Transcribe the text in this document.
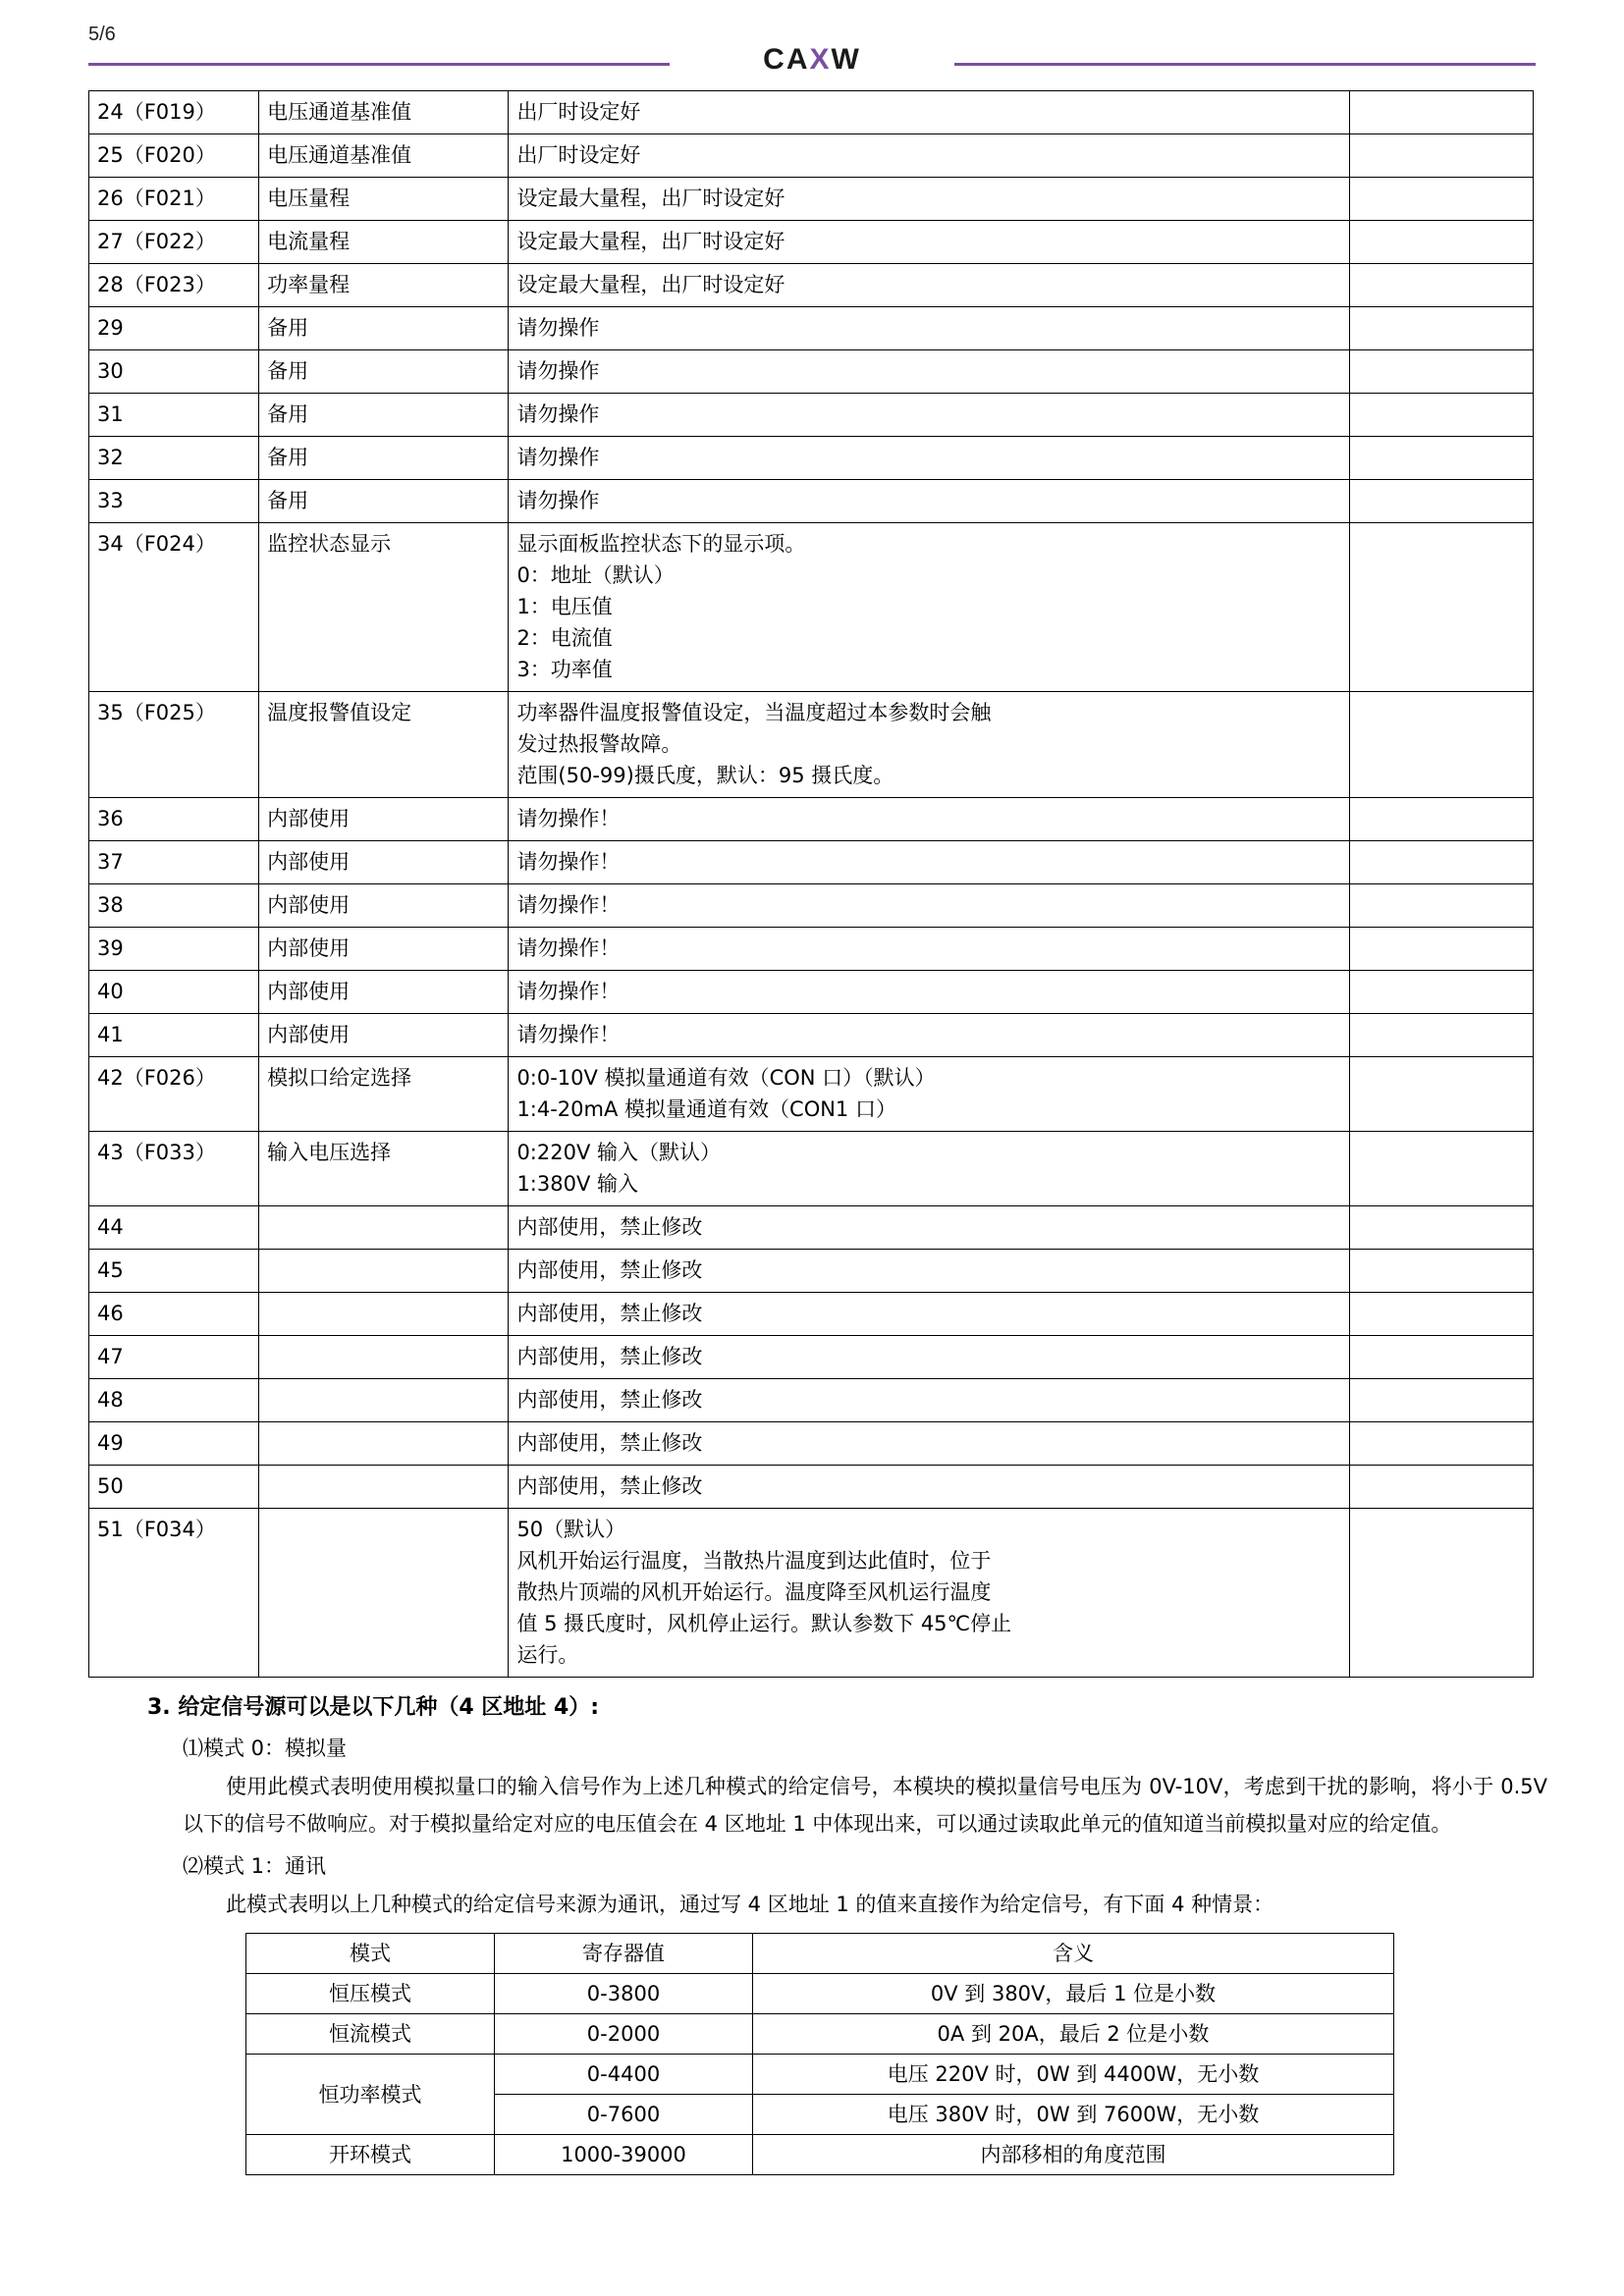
5/6
CAXW
24（F019）	电压通道基准值	出厂时设定好	

25（F020）	电压通道基准值	出厂时设定好	

26（F021）	电压量程	设定最大量程，出厂时设定好	

27（F022）	电流量程	设定最大量程，出厂时设定好	

28（F023）	功率量程	设定最大量程，出厂时设定好	

29	备用	请勿操作	

30	备用	请勿操作	

31	备用	请勿操作	

32	备用	请勿操作	

33	备用	请勿操作	

34（F024）	监控状态显示	显示面板监控状态下的显示项。
0：地址（默认）
1：电压值
2：电流值
3：功率值	

35（F025）	温度报警值设定	功率器件温度报警值设定，当温度超过本参数时会触
发过热报警故障。
范围(50-99)摄氏度，默认：95 摄氏度。	

36	内部使用	请勿操作！	

37	内部使用	请勿操作！	

38	内部使用	请勿操作！	

39	内部使用	请勿操作！	

40	内部使用	请勿操作！	

41	内部使用	请勿操作！	

42（F026）	模拟口给定选择	0:0-10V 模拟量通道有效（CON 口）（默认）
1:4-20mA 模拟量通道有效（CON1 口）	

43（F033）	输入电压选择	0:220V 输入（默认）
1:380V 输入	

44		内部使用，禁止修改	

45		内部使用，禁止修改	

46		内部使用，禁止修改	

47		内部使用，禁止修改	

48		内部使用，禁止修改	

49		内部使用，禁止修改	

50		内部使用，禁止修改	

51（F034）		50（默认）
风机开始运行温度，当散热片温度到达此值时，位于
散热片顶端的风机开始运行。温度降至风机运行温度
值 5 摄氏度时，风机停止运行。默认参数下 45℃停止
运行。	

3. 给定信号源可以是以下几种（4 区地址 4）:
⑴模式 0：模拟量
使用此模式表明使用模拟量口的输入信号作为上述几种模式的给定信号，本模块的模拟量信号电压为 0V-10V，考虑到干扰的影响，将小于 0.5V 以下的信号不做响应。对于模拟量给定对应的电压值会在 4 区地址 1 中体现出来，可以通过读取此单元的值知道当前模拟量对应的给定值。
⑵模式 1：通讯
此模式表明以上几种模式的给定信号来源为通讯，通过写 4 区地址 1 的值来直接作为给定信号，有下面 4 种情景：
模式	寄存器值	含义
恒压模式	0-3800	0V 到 380V，最后 1 位是小数
恒流模式	0-2000	0A 到 20A，最后 2 位是小数
恒功率模式	0-4400	电压 220V 时，0W 到 4400W，无小数
	0-7600	电压 380V 时，0W 到 7600W，无小数
开环模式	1000-39000	内部移相的角度范围
